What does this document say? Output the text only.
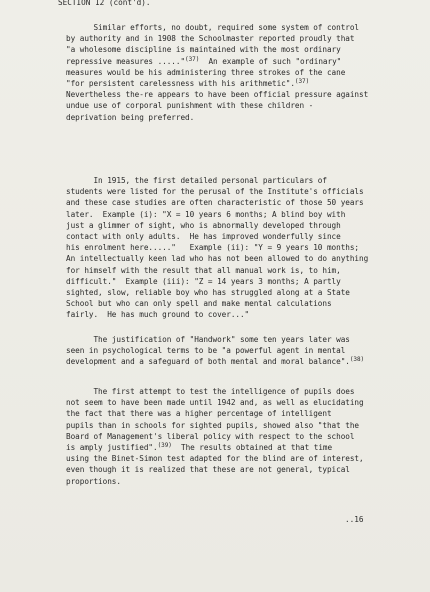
SECTION 12 (cont'd).
Similar efforts, no doubt, required some system of control
by authority and in 1908 the Schoolmaster reported proudly that
"a wholesome discipline is maintained with the most ordinary
repressive measures ....."$^{(37)}$  An example of such "ordinary"
measures would be his administering three strokes of the cane
"for persistent carelessness with his arithmetic".$^{(37)}$
Nevertheless the-re appears to have been official pressure against
undue use of corporal punishment with these children -
deprivation being preferred.
In 1915, the first detailed personal particulars of
students were listed for the perusal of the Institute's officials
and these case studies are often characteristic of those 50 years
later.  Example (i): "X = 10 years 6 months; A blind boy with
just a glimmer of sight, who is abnormally developed through
contact with only adults.  He has improved wonderfully since
his enrolment here....."   Example (ii): "Y = 9 years 10 months;
An intellectually keen lad who has not been allowed to do anything
for himself with the result that all manual work is, to him,
difficult."  Example (iii): "Z = 14 years 3 months; A partly
sighted, slow, reliable boy who has struggled along at a State
School but who can only spell and make mental calculations
fairly.  He has much ground to cover..."
The justification of "Handwork" some ten years later was
seen in psychological terms to be "a powerful agent in mental
development and a safeguard of both mental and moral balance".$^{(38)}$
The first attempt to test the intelligence of pupils does
not seem to have been made until 1942 and, as well as elucidating
the fact that there was a higher percentage of intelligent
pupils than in schools for sighted pupils, showed also "that the
Board of Management's liberal policy with respect to the school
is amply justified".$^{(39)}$  The results obtained at that time
using the Binet-Simon test adapted for the blind are of interest,
even though it is realized that these are not general, typical
proportions.
..16
